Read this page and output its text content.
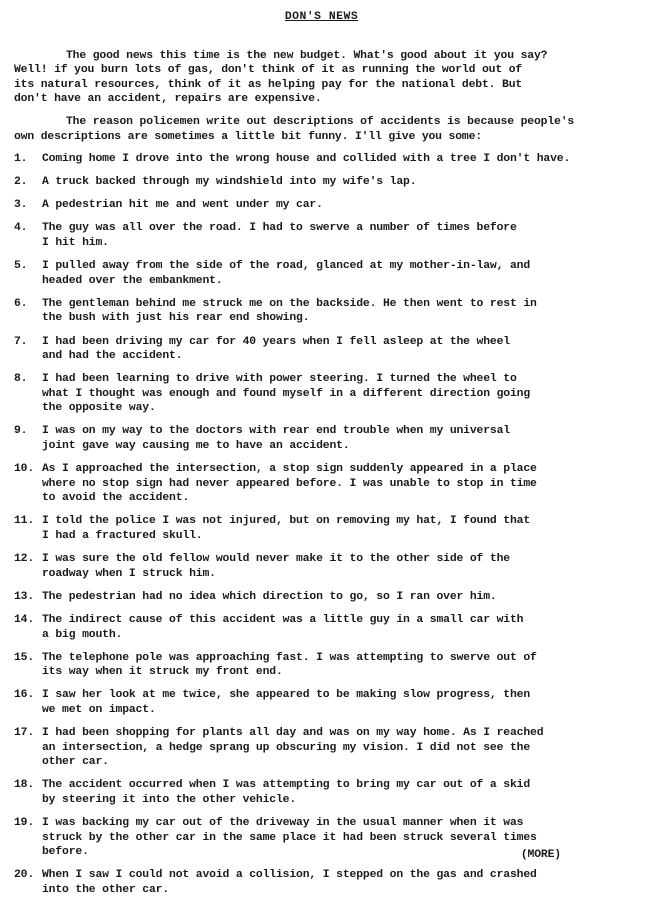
DON'S NEWS

The good news this time is the new budget. What's good about it you say?
Well! if you burn lots of gas, don't think of it as running the world out of
its natural resources, think of it as helping pay for the national debt. But
don't have an accident, repairs are expensive.

The reason policemen write out descriptions of accidents is because people's
own descriptions are sometimes a little bit funny. I'll give you some:

1. Coming home I drove into the wrong house and collided with a tree I don't have.
2. A truck backed through my windshield into my wife's lap.
3. A pedestrian hit me and went under my car.
4. The guy was all over the road. I had to swerve a number of times before
I hit him.
5. I pulled away from the side of the road, glanced at my mother-in-law, and
headed over the embankment.
6. The gentleman behind me struck me on the backside. He then went to rest in
the bush with just his rear end showing.
7. I had been driving my car for 40 years when I fell asleep at the wheel
and had the accident.
8. I had been learning to drive with power steering. I turned the wheel to
what I thought was enough and found myself in a different direction going
the opposite way.
9. I was on my way to the doctors with rear end trouble when my universal
joint gave way causing me to have an accident.
10. As I approached the intersection, a stop sign suddenly appeared in a place
where no stop sign had never appeared before. I was unable to stop in time
to avoid the accident.
11. I told the police I was not injured, but on removing my hat, I found that
I had a fractured skull.
12. I was sure the old fellow would never make it to the other side of the
roadway when I struck him.
13. The pedestrian had no idea which direction to go, so I ran over him.
14. The indirect cause of this accident was a little guy in a small car with
a big mouth.
15. The telephone pole was approaching fast. I was attempting to swerve out of
its way when it struck my front end.
16. I saw her look at me twice, she appeared to be making slow progress, then
we met on impact.
17. I had been shopping for plants all day and was on my way home. As I reached
an intersection, a hedge sprang up obscuring my vision. I did not see the
other car.
18. The accident occurred when I was attempting to bring my car out of a skid
by steering it into the other vehicle.
19. I was backing my car out of the driveway in the usual manner when it was
struck by the other car in the same place it had been struck several times
before.
20. When I saw I could not avoid a collision, I stepped on the gas and crashed
into the other car.
(MORE)
